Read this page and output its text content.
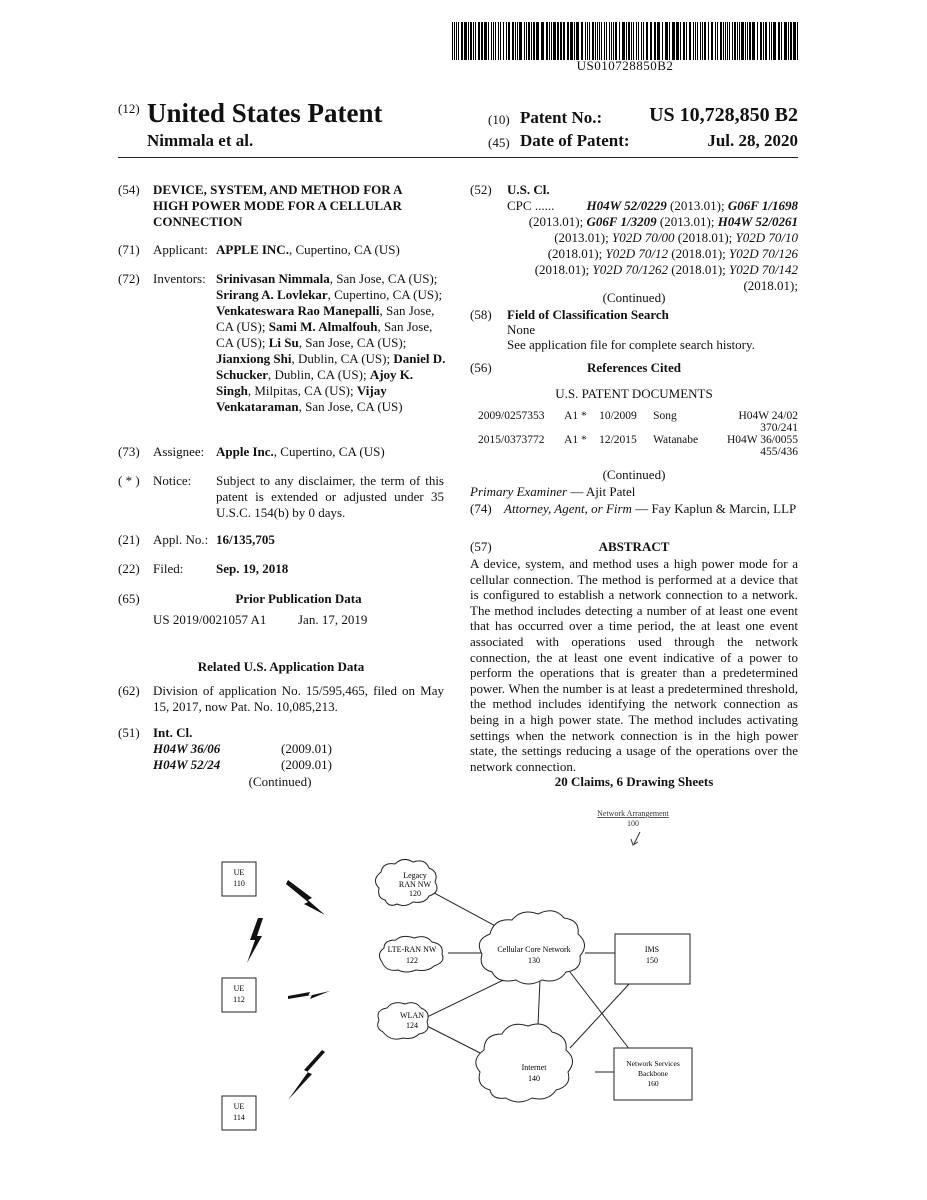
US010728850B2
(12) United States Patent
Nimmala et al.
(10) Patent No.:	US 10,728,850 B2
(45) Date of Patent:	Jul. 28, 2020
(54) DEVICE, SYSTEM, AND METHOD FOR A HIGH POWER MODE FOR A CELLULAR CONNECTION
(71) Applicant: APPLE INC., Cupertino, CA (US)
(72) Inventors: Srinivasan Nimmala, San Jose, CA (US); Srirang A. Lovlekar, Cupertino, CA (US); Venkateswara Rao Manepalli, San Jose, CA (US); Sami M. Almalfouh, San Jose, CA (US); Li Su, San Jose, CA (US); Jianxiong Shi, Dublin, CA (US); Daniel D. Schucker, Dublin, CA (US); Ajoy K. Singh, Milpitas, CA (US); Vijay Venkataraman, San Jose, CA (US)
(73) Assignee: Apple Inc., Cupertino, CA (US)
( * ) Notice: Subject to any disclaimer, the term of this patent is extended or adjusted under 35 U.S.C. 154(b) by 0 days.
(21) Appl. No.: 16/135,705
(22) Filed:	Sep. 19, 2018
(65)	Prior Publication Data
US 2019/0021057 A1 Jan. 17, 2019
Related U.S. Application Data
(62) Division of application No. 15/595,465, filed on May 15, 2017, now Pat. No. 10,085,213.
(51) Int. Cl.
H04W 36/06	(2009.01)
H04W 52/24	(2009.01)
(Continued)
(52) U.S. Cl.
CPC ...... H04W 52/0229 (2013.01); G06F 1/1698 (2013.01); G06F 1/3209 (2013.01); H04W 52/0261 (2013.01); Y02D 70/00 (2018.01); Y02D 70/10 (2018.01); Y02D 70/12 (2018.01); Y02D 70/126 (2018.01); Y02D 70/1262 (2018.01); Y02D 70/142 (2018.01);
(Continued)
(58) Field of Classification Search
None
See application file for complete search history.
(56)	References Cited
U.S. PATENT DOCUMENTS
2009/0257353	A1 *	10/2009	Song	H04W 24/02
370/241
2015/0373772	A1 *	12/2015	Watanabe	H04W 36/0055
455/436
(Continued)
Primary Examiner — Ajit Patel
(74) Attorney, Agent, or Firm — Fay Kaplun & Marcin, LLP
(57)	ABSTRACT
A device, system, and method uses a high power mode for a cellular connection. The method is performed at a device that is configured to establish a network connection to a network. The method includes detecting a number of at least one event that has occurred over a time period, the at least one event associated with operations used through the network connection, the at least one event indicative of a power to perform the operations that is greater than a predetermined power. When the number is at least a predetermined threshold, the method includes identifying the network connection as being in a high power state. The method includes activating settings when the network connection is in the high power state, the settings reducing a usage of the operations over the network connection.
20 Claims, 6 Drawing Sheets
Network Arrangement
100
UE
110
UE
112
UE
114
Legacy
RAN NW
120
LTE-RAN NW
122
WLAN
124
Cellular Core Network
130
Internet
140
IMS
150
Network Services
Backbone
160
